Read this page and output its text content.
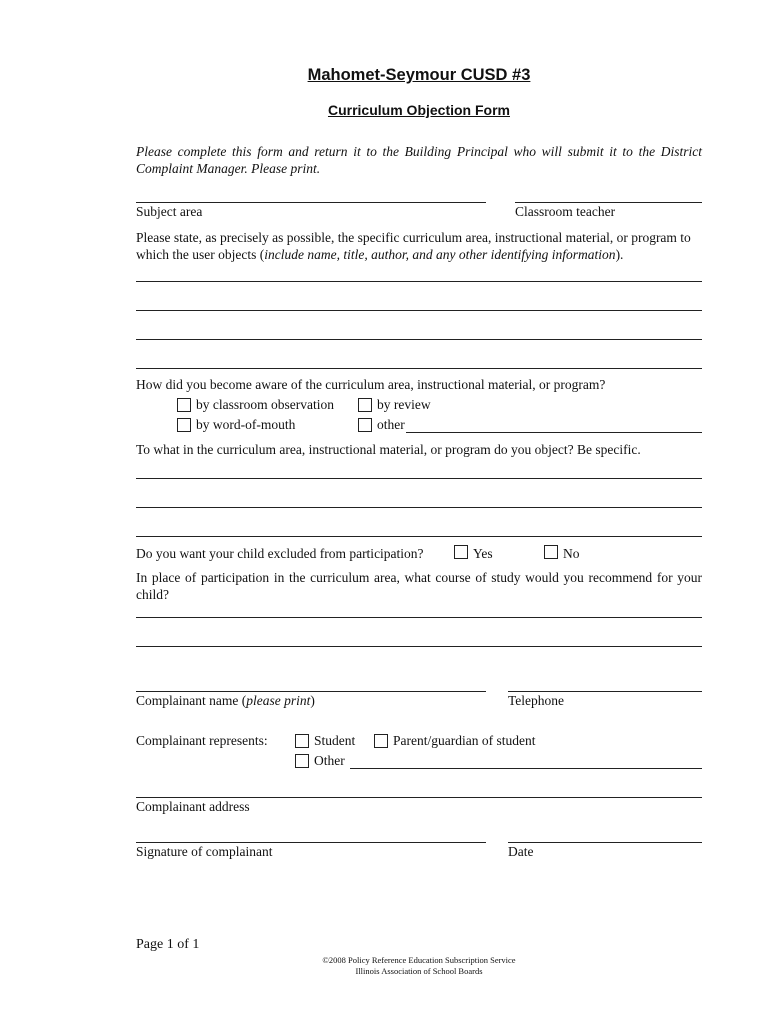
Mahomet-Seymour CUSD #3
Curriculum Objection Form
Please complete this form and return it to the Building Principal who will submit it to the District Complaint Manager. Please print.
Subject area	Classroom teacher
Please state, as precisely as possible, the specific curriculum area, instructional material, or program to which the user objects (include name, title, author, and any other identifying information).
How did you become aware of the curriculum area, instructional material, or program?
by classroom observation	by review
by word-of-mouth	other
To what in the curriculum area, instructional material, or program do you object? Be specific.
Do you want your child excluded from participation?	Yes	No
In place of participation in the curriculum area, what course of study would you recommend for your child?
Complainant name (please print)	Telephone
Complainant represents:	Student	Parent/guardian of student
Other
Complainant address
Signature of complainant	Date
Page 1 of 1
©2008 Policy Reference Education Subscription Service
Illinois Association of School Boards
